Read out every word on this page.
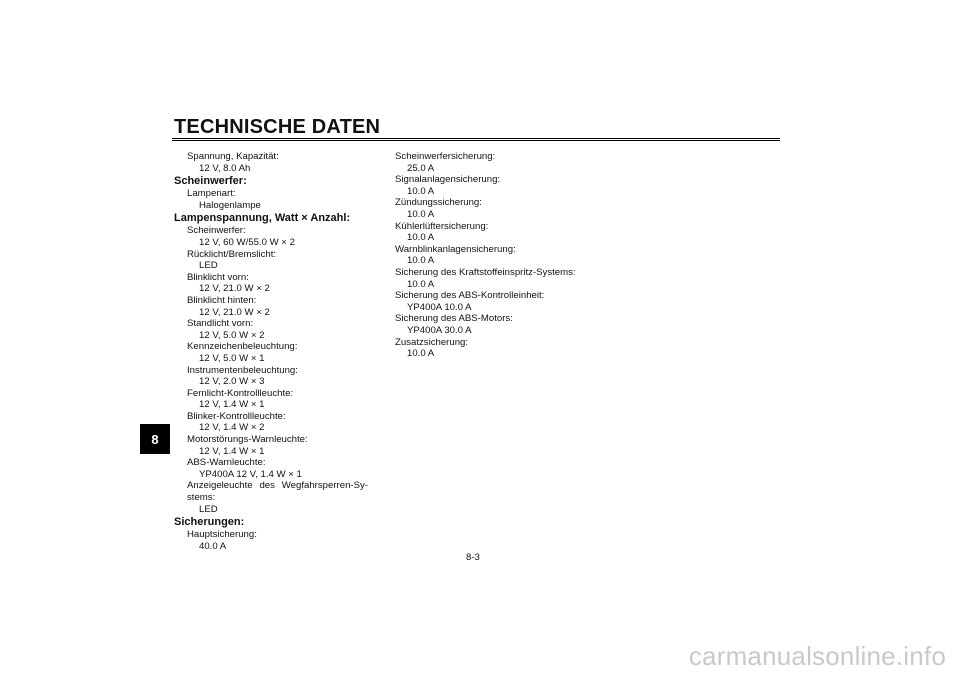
TECHNISCHE DATEN
8
Spannung, Kapazität:
12 V, 8.0 Ah
Scheinwerfer:
Lampenart:
Halogenlampe
Lampenspannung, Watt × Anzahl:
Scheinwerfer:
12 V, 60 W/55.0 W × 2
Rücklicht/Bremslicht:
LED
Blinklicht vorn:
12 V, 21.0 W × 2
Blinklicht hinten:
12 V, 21.0 W × 2
Standlicht vorn:
12 V, 5.0 W × 2
Kennzeichenbeleuchtung:
12 V, 5.0 W × 1
Instrumentenbeleuchtung:
12 V, 2.0 W × 3
Fernlicht-Kontrollleuchte:
12 V, 1.4 W × 1
Blinker-Kontrollleuchte:
12 V, 1.4 W × 2
Motorstörungs-Warnleuchte:
12 V, 1.4 W × 1
ABS-Warnleuchte:
YP400A 12 V, 1.4 W × 1
Anzeigeleuchte des Wegfahrsperren-Sy-
stems:
LED
Sicherungen:
Hauptsicherung:
40.0 A
Scheinwerfersicherung:
25.0 A
Signalanlagensicherung:
10.0 A
Zündungssicherung:
10.0 A
Kühlerlüftersicherung:
10.0 A
Warnblinkanlagensicherung:
10.0 A
Sicherung des Kraftstoffeinspritz-Systems:
10.0 A
Sicherung des ABS-Kontrolleinheit:
YP400A 10.0 A
Sicherung des ABS-Motors:
YP400A 30.0 A
Zusatzsicherung:
10.0 A
8-3
carmanualsonline.info
